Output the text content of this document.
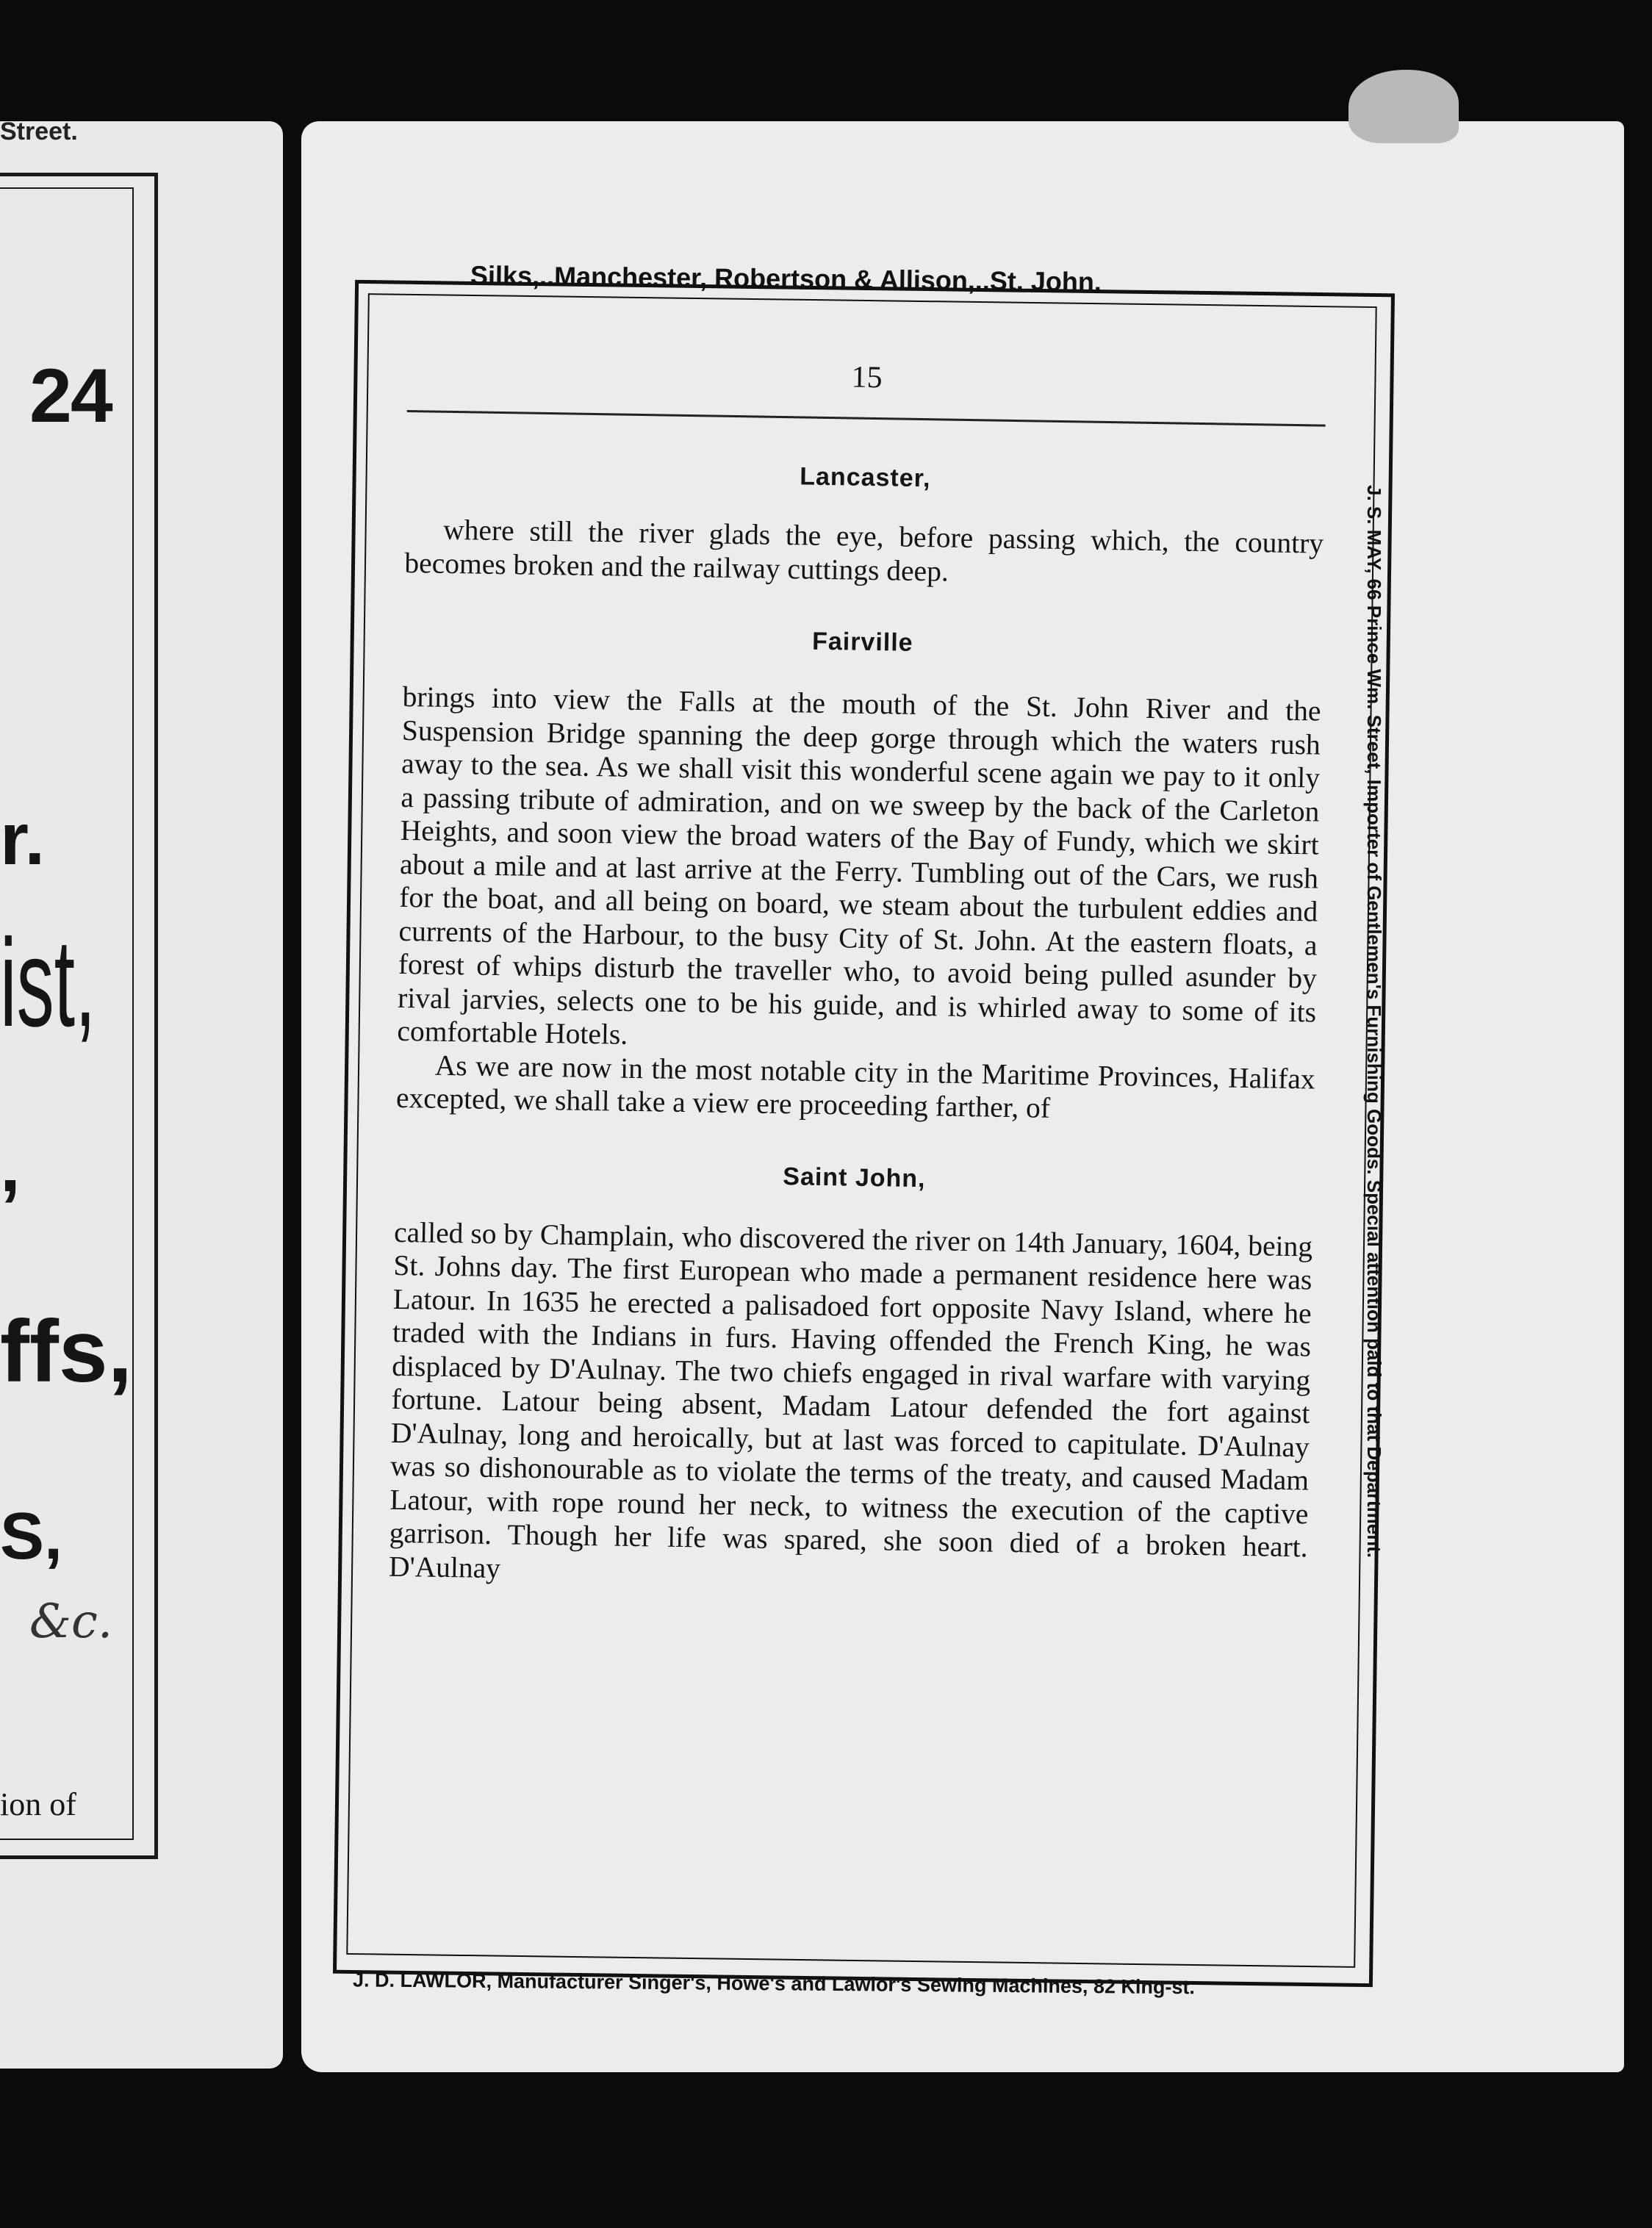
Street.
24
r.
ist,
,
ffs,
S,
&c.
ion of
Silks,..Manchester, Robertson & Allison,..St. John.
J. S. MAY, 66 Prince Wm. Street, Importer of Gentlemen's Furnishing Goods. Special attention paid to that Department.
J. D. LAWLOR, Manufacturer Singer's, Howe's and Lawlor's Sewing Machines, 82 King-st.
15
Lancaster,

where still the river glads the eye, before passing which, the country becomes broken and the railway cuttings deep.

Fairville

brings into view the Falls at the mouth of the St. John River and the Suspension Bridge spanning the deep gorge through which the waters rush away to the sea. As we shall visit this wonderful scene again we pay to it only a passing tribute of admiration, and on we sweep by the back of the Carleton Heights, and soon view the broad waters of the Bay of Fundy, which we skirt about a mile and at last arrive at the Ferry. Tumbling out of the Cars, we rush for the boat, and all being on board, we steam about the turbulent eddies and currents of the Harbour, to the busy City of St. John. At the eastern floats, a forest of whips disturb the traveller who, to avoid being pulled asunder by rival jarvies, selects one to be his guide, and is whirled away to some of its comfortable Hotels.

As we are now in the most notable city in the Maritime Provinces, Halifax excepted, we shall take a view ere proceeding farther, of

Saint John,

called so by Champlain, who discovered the river on 14th January, 1604, being St. Johns day. The first European who made a permanent residence here was Latour. In 1635 he erected a palisadoed fort opposite Navy Island, where he traded with the Indians in furs. Having offended the French King, he was displaced by D'Aulnay. The two chiefs engaged in rival warfare with varying fortune. Latour being absent, Madam Latour defended the fort against D'Aulnay, long and heroically, but at last was forced to capitulate. D'Aulnay was so dishonourable as to violate the terms of the treaty, and caused Madam Latour, with rope round her neck, to witness the execution of the captive garrison. Though her life was spared, she soon died of a broken heart. D'Aulnay
